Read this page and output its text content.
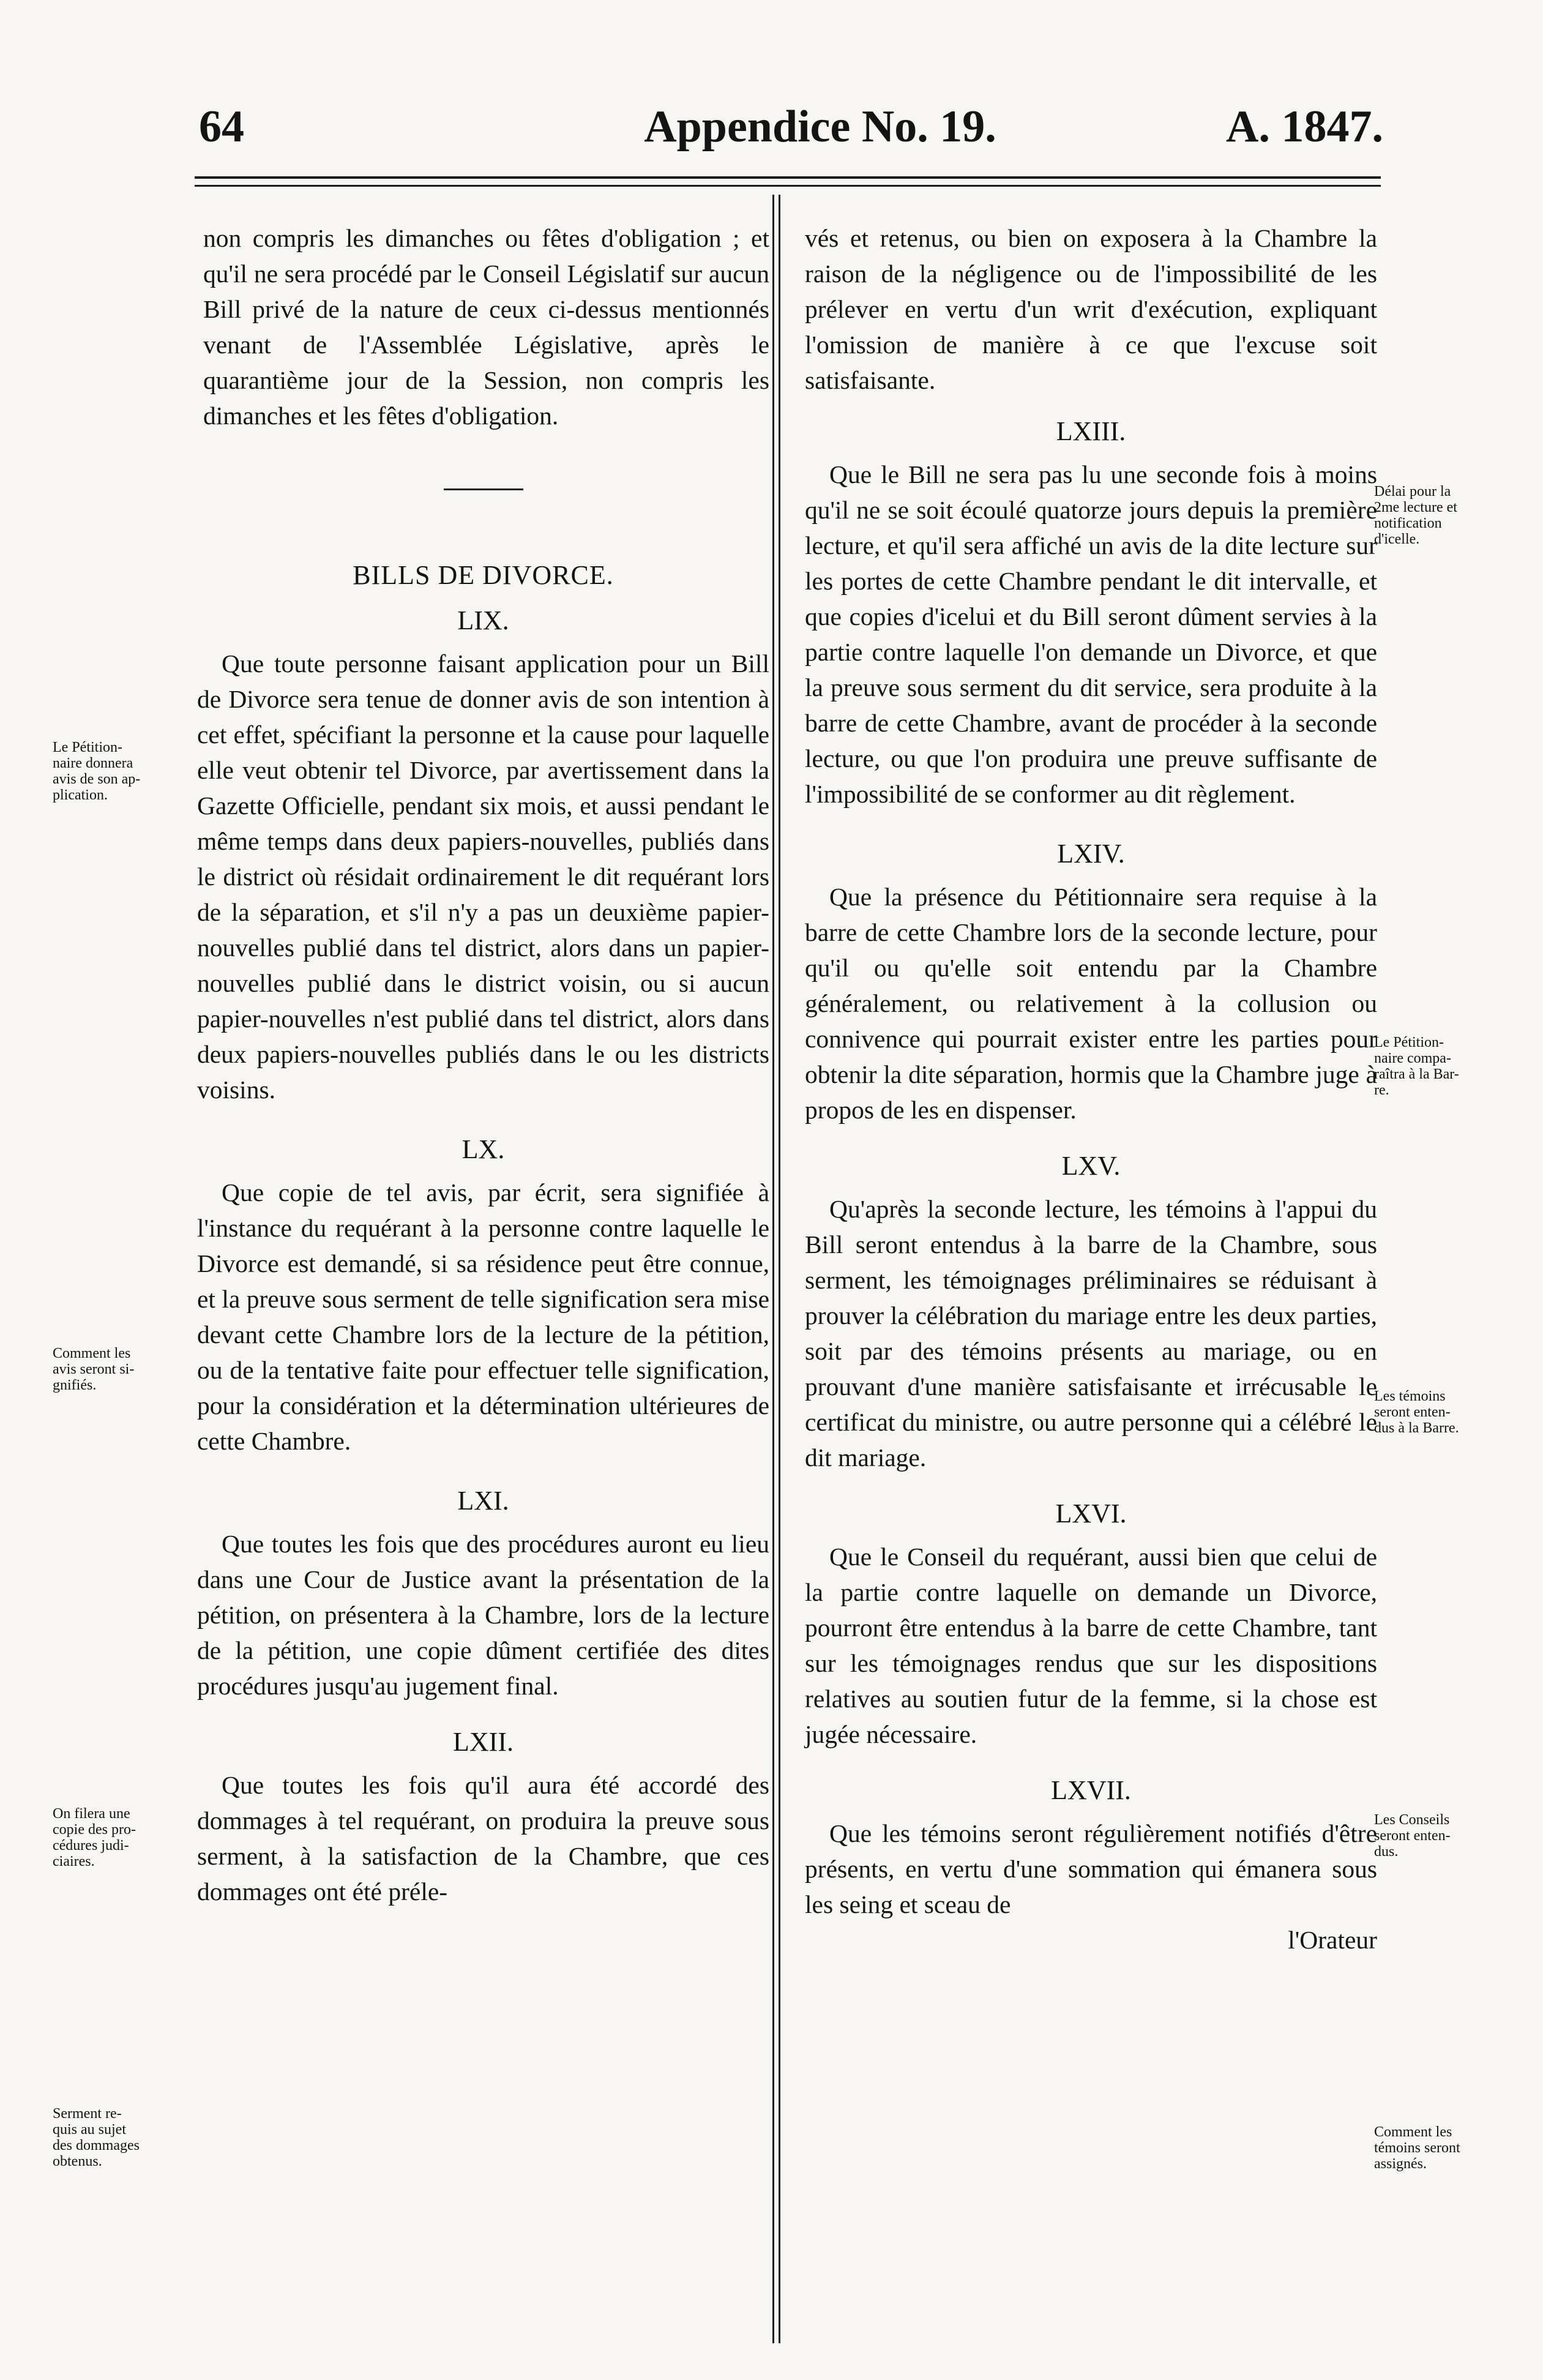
64	Appendice No. 19.	A. 1847.

non compris les dimanches ou fêtes d'obligation ; et qu'il ne sera procédé par le Conseil Législatif sur aucun Bill privé de la nature de ceux ci-dessus mentionnés venant de l'Assemblée Législative, après le quarantième jour de la Session, non compris les dimanches et les fêtes d'obligation.

BILLS DE DIVORCE.

LIX.

Que toute personne faisant application pour un Bill de Divorce sera tenue de donner avis de son intention à cet effet, spécifiant la personne et la cause pour laquelle elle veut obtenir tel Divorce, par avertissement dans la Gazette Officielle, pendant six mois, et aussi pendant le même temps dans deux papiers-nouvelles, publiés dans le district où résidait ordinairement le dit requérant lors de la séparation, et s'il n'y a pas un deuxième papier-nouvelles publié dans tel district, alors dans un papier-nouvelles publié dans le district voisin, ou si aucun papier-nouvelles n'est publié dans tel district, alors dans deux papiers-nouvelles publiés dans le ou les districts voisins.

LX.

Que copie de tel avis, par écrit, sera signifiée à l'instance du requérant à la personne contre laquelle le Divorce est demandé, si sa résidence peut être connue, et la preuve sous serment de telle signification sera mise devant cette Chambre lors de la lecture de la pétition, ou de la tentative faite pour effectuer telle signification, pour la considération et la détermination ultérieures de cette Chambre.

LXI.

Que toutes les fois que des procédures auront eu lieu dans une Cour de Justice avant la présentation de la pétition, on présentera à la Chambre, lors de la lecture de la pétition, une copie dûment certifiée des dites procédures jusqu'au jugement final.

LXII.

Que toutes les fois qu'il aura été accordé des dommages à tel requérant, on produira la preuve sous serment, à la satisfaction de la Chambre, que ces dommages ont été préle-

vés et retenus, ou bien on exposera à la Chambre la raison de la négligence ou de l'impossibilité de les prélever en vertu d'un writ d'exécution, expliquant l'omission de manière à ce que l'excuse soit satisfaisante.

LXIII.

Que le Bill ne sera pas lu une seconde fois à moins qu'il ne se soit écoulé quatorze jours depuis la première lecture, et qu'il sera affiché un avis de la dite lecture sur les portes de cette Chambre pendant le dit intervalle, et que copies d'icelui et du Bill seront dûment servies à la partie contre laquelle l'on demande un Divorce, et que la preuve sous serment du dit service, sera produite à la barre de cette Chambre, avant de procéder à la seconde lecture, ou que l'on produira une preuve suffisante de l'impossibilité de se conformer au dit règlement.

LXIV.

Que la présence du Pétitionnaire sera requise à la barre de cette Chambre lors de la seconde lecture, pour qu'il ou qu'elle soit entendu par la Chambre généralement, ou relativement à la collusion ou connivence qui pourrait exister entre les parties pour obtenir la dite séparation, hormis que la Chambre juge à propos de les en dispenser.

LXV.

Qu'après la seconde lecture, les témoins à l'appui du Bill seront entendus à la barre de la Chambre, sous serment, les témoignages préliminaires se réduisant à prouver la célébration du mariage entre les deux parties, soit par des témoins présents au mariage, ou en prouvant d'une manière satisfaisante et irrécusable le certificat du ministre, ou autre personne qui a célébré le dit mariage.

LXVI.

Que le Conseil du requérant, aussi bien que celui de la partie contre laquelle on demande un Divorce, pourront être entendus à la barre de cette Chambre, tant sur les témoignages rendus que sur les dispositions relatives au soutien futur de la femme, si la chose est jugée nécessaire.

LXVII.

Que les témoins seront régulièrement notifiés d'être présents, en vertu d'une sommation qui émanera sous les seing et sceau de

l'Orateur

Le Pétition-
naire donnera
avis de son ap-
plication.
Comment les
avis seront si-
gnifiés.
On filera une
copie des pro-
cédures judi-
ciaires.
Serment re-
quis au sujet
des dommages
obtenus.
Délai pour la
2me lecture et
notification
d'icelle.
Le Pétition-
naire compa-
raîtra à la Bar-
re.
Les témoins
seront enten-
dus à la Barre.
Les Conseils
seront enten-
dus.
Comment les
témoins seront
assignés.
